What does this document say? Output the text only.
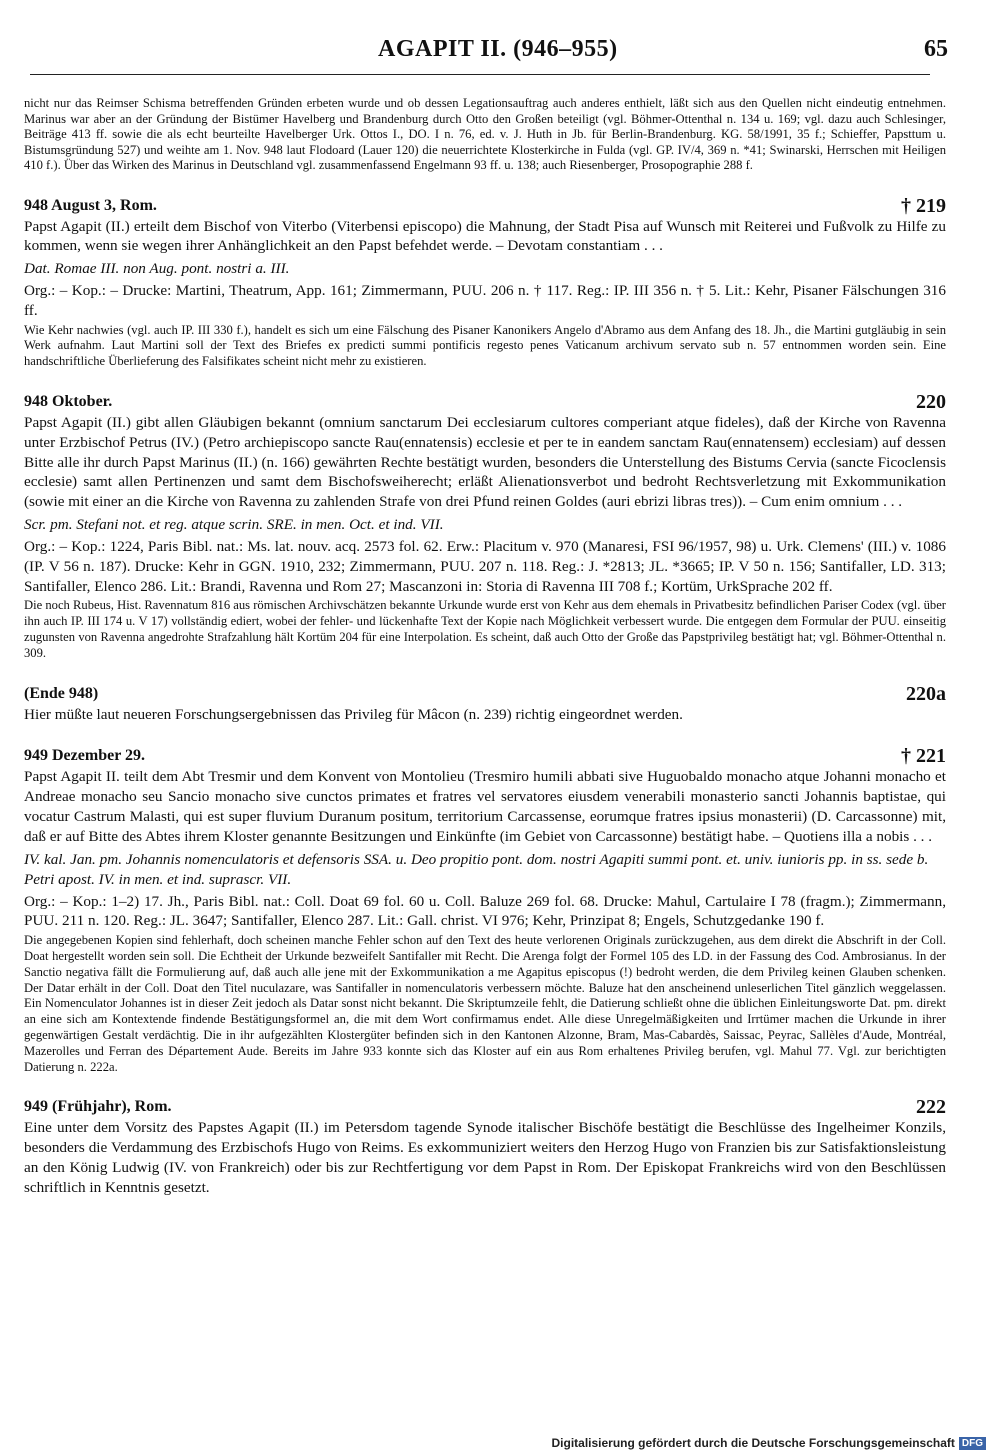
AGAPIT II. (946–955)	65

nicht nur das Reimser Schisma betreffenden Gründen erbeten wurde und ob dessen Legationsauftrag auch anderes enthielt, läßt sich aus den Quellen nicht eindeutig entnehmen. Marinus war aber an der Gründung der Bistümer Havelberg und Brandenburg durch Otto den Großen beteiligt (vgl. Böhmer-Ottenthal n. 134 u. 169; vgl. dazu auch Schlesinger, Beiträge 413 ff. sowie die als echt beurteilte Havelberger Urk. Ottos I., DO. I n. 76, ed. v. J. Huth in Jb. für Berlin-Brandenburg. KG. 58/1991, 35 f.; Schieffer, Papsttum u. Bistumsgründung 527) und weihte am 1. Nov. 948 laut Flodoard (Lauer 120) die neuerrichtete Klosterkirche in Fulda (vgl. GP. IV/4, 369 n. *41; Swinarski, Herrschen mit Heiligen 410 f.). Über das Wirken des Marinus in Deutschland vgl. zusammenfassend Engelmann 93 ff. u. 138; auch Riesenberger, Prosopographie 288 f.

948 August 3, Rom.	† 219

Papst Agapit (II.) erteilt dem Bischof von Viterbo (Viterbensi episcopo) die Mahnung, der Stadt Pisa auf Wunsch mit Reiterei und Fußvolk zu Hilfe zu kommen, wenn sie wegen ihrer Anhänglichkeit an den Papst befehdet werde. – Devotam constantiam . . .

Dat. Romae III. non Aug. pont. nostri a. III.

Org.: – Kop.: – Drucke: Martini, Theatrum, App. 161; Zimmermann, PUU. 206 n. † 117. Reg.: IP. III 356 n. † 5. Lit.: Kehr, Pisaner Fälschungen 316 ff.

Wie Kehr nachwies (vgl. auch IP. III 330 f.), handelt es sich um eine Fälschung des Pisaner Kanonikers Angelo d'Abramo aus dem Anfang des 18. Jh., die Martini gutgläubig in sein Werk aufnahm. Laut Martini soll der Text des Briefes ex predicti summi pontificis regesto penes Vaticanum archivum servato sub n. 57 entnommen worden sein. Eine handschriftliche Überlieferung des Falsifikates scheint nicht mehr zu existieren.

948 Oktober.	220

Papst Agapit (II.) gibt allen Gläubigen bekannt (omnium sanctarum Dei ecclesiarum cultores comperiant atque fideles), daß der Kirche von Ravenna unter Erzbischof Petrus (IV.) (Petro archiepiscopo sancte Rau(ennatensis) ecclesie et per te in eandem sanctam Rau(ennatensem) ecclesiam) auf dessen Bitte alle ihr durch Papst Marinus (II.) (n. 166) gewährten Rechte bestätigt wurden, besonders die Unterstellung des Bistums Cervia (sancte Ficoclensis ecclesie) samt allen Pertinenzen und samt dem Bischofsweiherecht; erläßt Alienationsverbot und bedroht Rechtsverletzung mit Exkommunikation (sowie mit einer an die Kirche von Ravenna zu zahlenden Strafe von drei Pfund reinen Goldes (auri ebrizi libras tres)). – Cum enim omnium . . .

Scr. pm. Stefani not. et reg. atque scrin. SRE. in men. Oct. et ind. VII.

Org.: – Kop.: 1224, Paris Bibl. nat.: Ms. lat. nouv. acq. 2573 fol. 62. Erw.: Placitum v. 970 (Manaresi, FSI 96/1957, 98) u. Urk. Clemens' (III.) v. 1086 (IP. V 56 n. 187). Drucke: Kehr in GGN. 1910, 232; Zimmermann, PUU. 207 n. 118. Reg.: J. *2813; JL. *3665; IP. V 50 n. 156; Santifaller, LD. 313; Santifaller, Elenco 286. Lit.: Brandi, Ravenna und Rom 27; Mascanzoni in: Storia di Ravenna III 708 f.; Kortüm, UrkSprache 202 ff.

Die noch Rubeus, Hist. Ravennatum 816 aus römischen Archivschätzen bekannte Urkunde wurde erst von Kehr aus dem ehemals in Privatbesitz befindlichen Pariser Codex (vgl. über ihn auch IP. III 174 u. V 17) vollständig ediert, wobei der fehler- und lückenhafte Text der Kopie nach Möglichkeit verbessert wurde. Die entgegen dem Formular der PUU. einseitig zugunsten von Ravenna angedrohte Strafzahlung hält Kortüm 204 für eine Interpolation. Es scheint, daß auch Otto der Große das Papstprivileg bestätigt hat; vgl. Böhmer-Ottenthal n. 309.

(Ende 948)	220a

Hier müßte laut neueren Forschungsergebnissen das Privileg für Mâcon (n. 239) richtig eingeordnet werden.

949 Dezember 29.	† 221

Papst Agapit II. teilt dem Abt Tresmir und dem Konvent von Montolieu (Tresmiro humili abbati sive Huguobaldo monacho atque Johanni monacho et Andreae monacho seu Sancio monacho sive cunctos primates et fratres vel servatores eiusdem venerabili monasterio sancti Johannis baptistae, qui vocatur Castrum Malasti, qui est super fluvium Duranum positum, territorium Carcassense, eorumque fratres ipsius monasterii) (D. Carcassonne) mit, daß er auf Bitte des Abtes ihrem Kloster genannte Besitzungen und Einkünfte (im Gebiet von Carcassonne) bestätigt habe. – Quotiens illa a nobis . . .

IV. kal. Jan. pm. Johannis nomenculatoris et defensoris SSA. u. Deo propitio pont. dom. nostri Agapiti summi pont. et. univ. iunioris pp. in ss. sede b. Petri apost. IV. in men. et ind. suprascr. VII.

Org.: – Kop.: 1–2) 17. Jh., Paris Bibl. nat.: Coll. Doat 69 fol. 60 u. Coll. Baluze 269 fol. 68. Drucke: Mahul, Cartulaire I 78 (fragm.); Zimmermann, PUU. 211 n. 120. Reg.: JL. 3647; Santifaller, Elenco 287. Lit.: Gall. christ. VI 976; Kehr, Prinzipat 8; Engels, Schutzgedanke 190 f.

Die angegebenen Kopien sind fehlerhaft, doch scheinen manche Fehler schon auf den Text des heute verlorenen Originals zurückzugehen, aus dem direkt die Abschrift in der Coll. Doat hergestellt worden sein soll. Die Echtheit der Urkunde bezweifelt Santifaller mit Recht. Die Arenga folgt der Formel 105 des LD. in der Fassung des Cod. Ambrosianus. In der Sanctio negativa fällt die Formulierung auf, daß auch alle jene mit der Exkommunikation a me Agapitus episcopus (!) bedroht werden, die dem Privileg keinen Glauben schenken. Der Datar erhält in der Coll. Doat den Titel nuculazare, was Santifaller in nomenculatoris verbessern möchte. Baluze hat den anscheinend unleserlichen Titel gänzlich weggelassen. Ein Nomenculator Johannes ist in dieser Zeit jedoch als Datar sonst nicht bekannt. Die Skriptumzeile fehlt, die Datierung schließt ohne die üblichen Einleitungsworte Dat. pm. direkt an eine sich am Kontextende findende Bestätigungsformel an, die mit dem Wort confirmamus endet. Alle diese Unregelmäßigkeiten und Irrtümer machen die Urkunde in ihrer gegenwärtigen Gestalt verdächtig. Die in ihr aufgezählten Klostergüter befinden sich in den Kantonen Alzonne, Bram, Mas-Cabardès, Saissac, Peyrac, Sallèles d'Aude, Montréal, Mazerolles und Ferran des Département Aude. Bereits im Jahre 933 konnte sich das Kloster auf ein aus Rom erhaltenes Privileg berufen, vgl. Mahul 77. Vgl. zur berichtigten Datierung n. 222a.

949 (Frühjahr), Rom.	222

Eine unter dem Vorsitz des Papstes Agapit (II.) im Petersdom tagende Synode italischer Bischöfe bestätigt die Beschlüsse des Ingelheimer Konzils, besonders die Verdammung des Erzbischofs Hugo von Reims. Es exkommuniziert weiters den Herzog Hugo von Franzien bis zur Satisfaktionsleistung an den König Ludwig (IV. von Frankreich) oder bis zur Rechtfertigung vor dem Papst in Rom. Der Episkopat Frankreichs wird von den Beschlüssen schriftlich in Kenntnis gesetzt.

Digitalisierung gefördert durch die Deutsche Forschungsgemeinschaft DFG
